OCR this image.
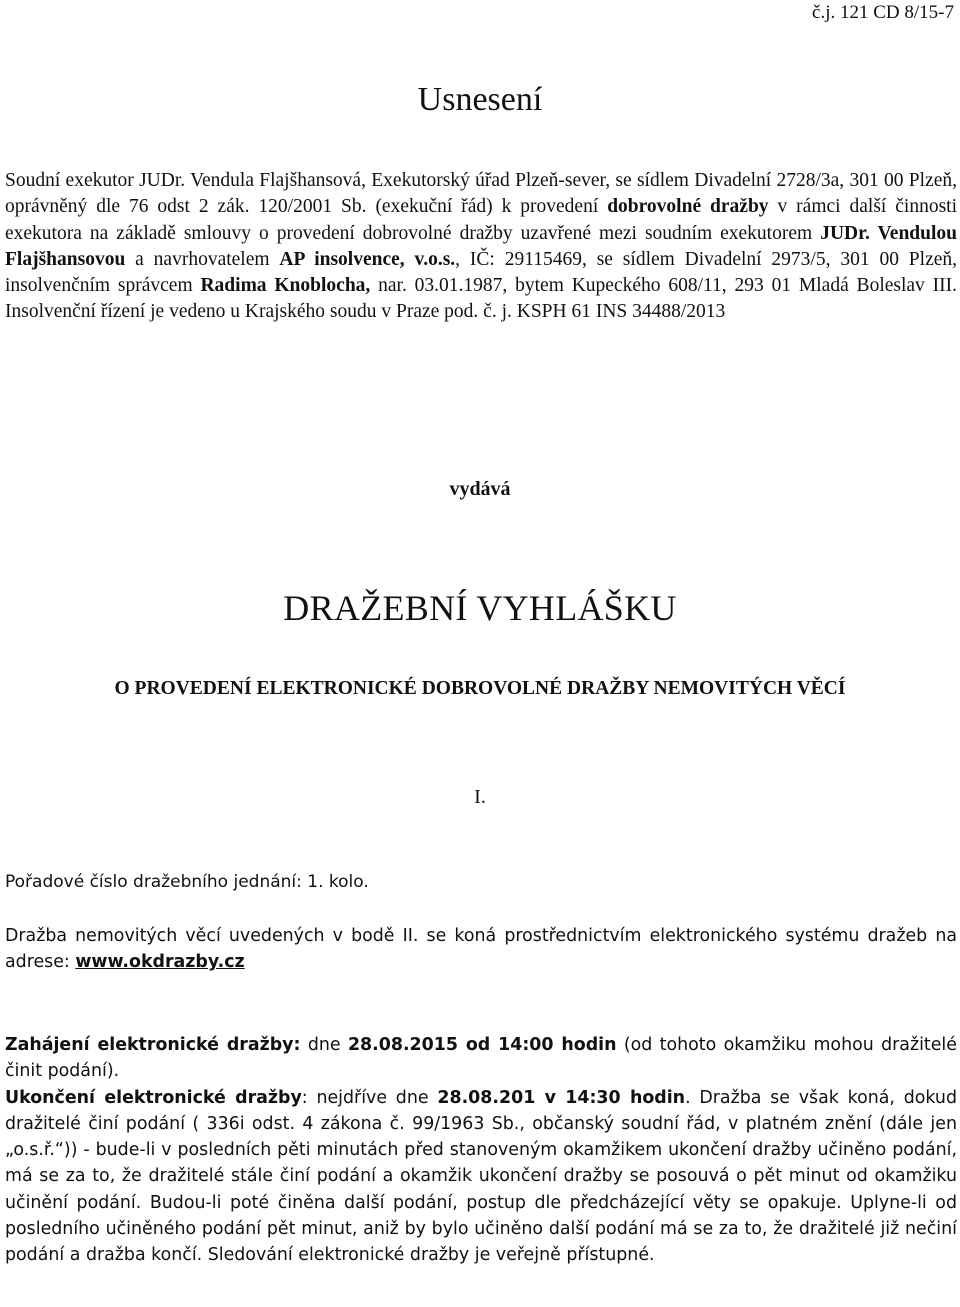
č.j. 121 CD 8/15-7
Usnesení
Soudní exekutor JUDr. Vendula Flajšhansová, Exekutorský úřad Plzeň-sever, se sídlem Divadelní 2728/3a, 301 00 Plzeň, oprávněný dle 76 odst 2 zák. 120/2001 Sb. (exekuční řád) k provedení dobrovolné dražby v rámci další činnosti exekutora na základě smlouvy o provedení dobrovolné dražby uzavřené mezi soudním exekutorem JUDr. Vendulou Flajšhansovou a navrhovatelem AP insolvence, v.o.s., IČ: 29115469, se sídlem Divadelní 2973/5, 301 00 Plzeň, insolvenčním správcem Radima Knoblocha, nar. 03.01.1987, bytem Kupeckého 608/11, 293 01 Mladá Boleslav III. Insolvenční řízení je vedeno u Krajského soudu v Praze pod. č. j. KSPH 61 INS 34488/2013
vydává
DRAŽEBNÍ VYHLÁŠKU
O PROVEDENÍ ELEKTRONICKÉ DOBROVOLNÉ DRAŽBY NEMOVITÝCH VĚCÍ
I.
Pořadové číslo dražebního jednání: 1. kolo.
Dražba nemovitých věcí uvedených v bodě II. se koná prostřednictvím elektronického systému dražeb na adrese: www.okdrazby.cz
Zahájení elektronické dražby: dne 28.08.2015 od 14:00 hodin (od tohoto okamžiku mohou dražitelé činit podání).
Ukončení elektronické dražby: nejdříve dne 28.08.201 v 14:30 hodin. Dražba se však koná, dokud dražitelé činí podání ( 336i odst. 4 zákona č. 99/1963 Sb., občanský soudní řád, v platném znění (dále jen „o.s.ř.“)) - bude-li v posledních pěti minutách před stanoveným okamžikem ukončení dražby učiněno podání, má se za to, že dražitelé stále činí podání a okamžik ukončení dražby se posouvá o pět minut od okamžiku učinění podání. Budou-li poté činěna další podání, postup dle předcházející věty se opakuje. Uplyne-li od posledního učiněného podání pět minut, aniž by bylo učiněno další podání má se za to, že dražitelé již nečiní podání a dražba končí. Sledování elektronické dražby je veřejně přístupné.
